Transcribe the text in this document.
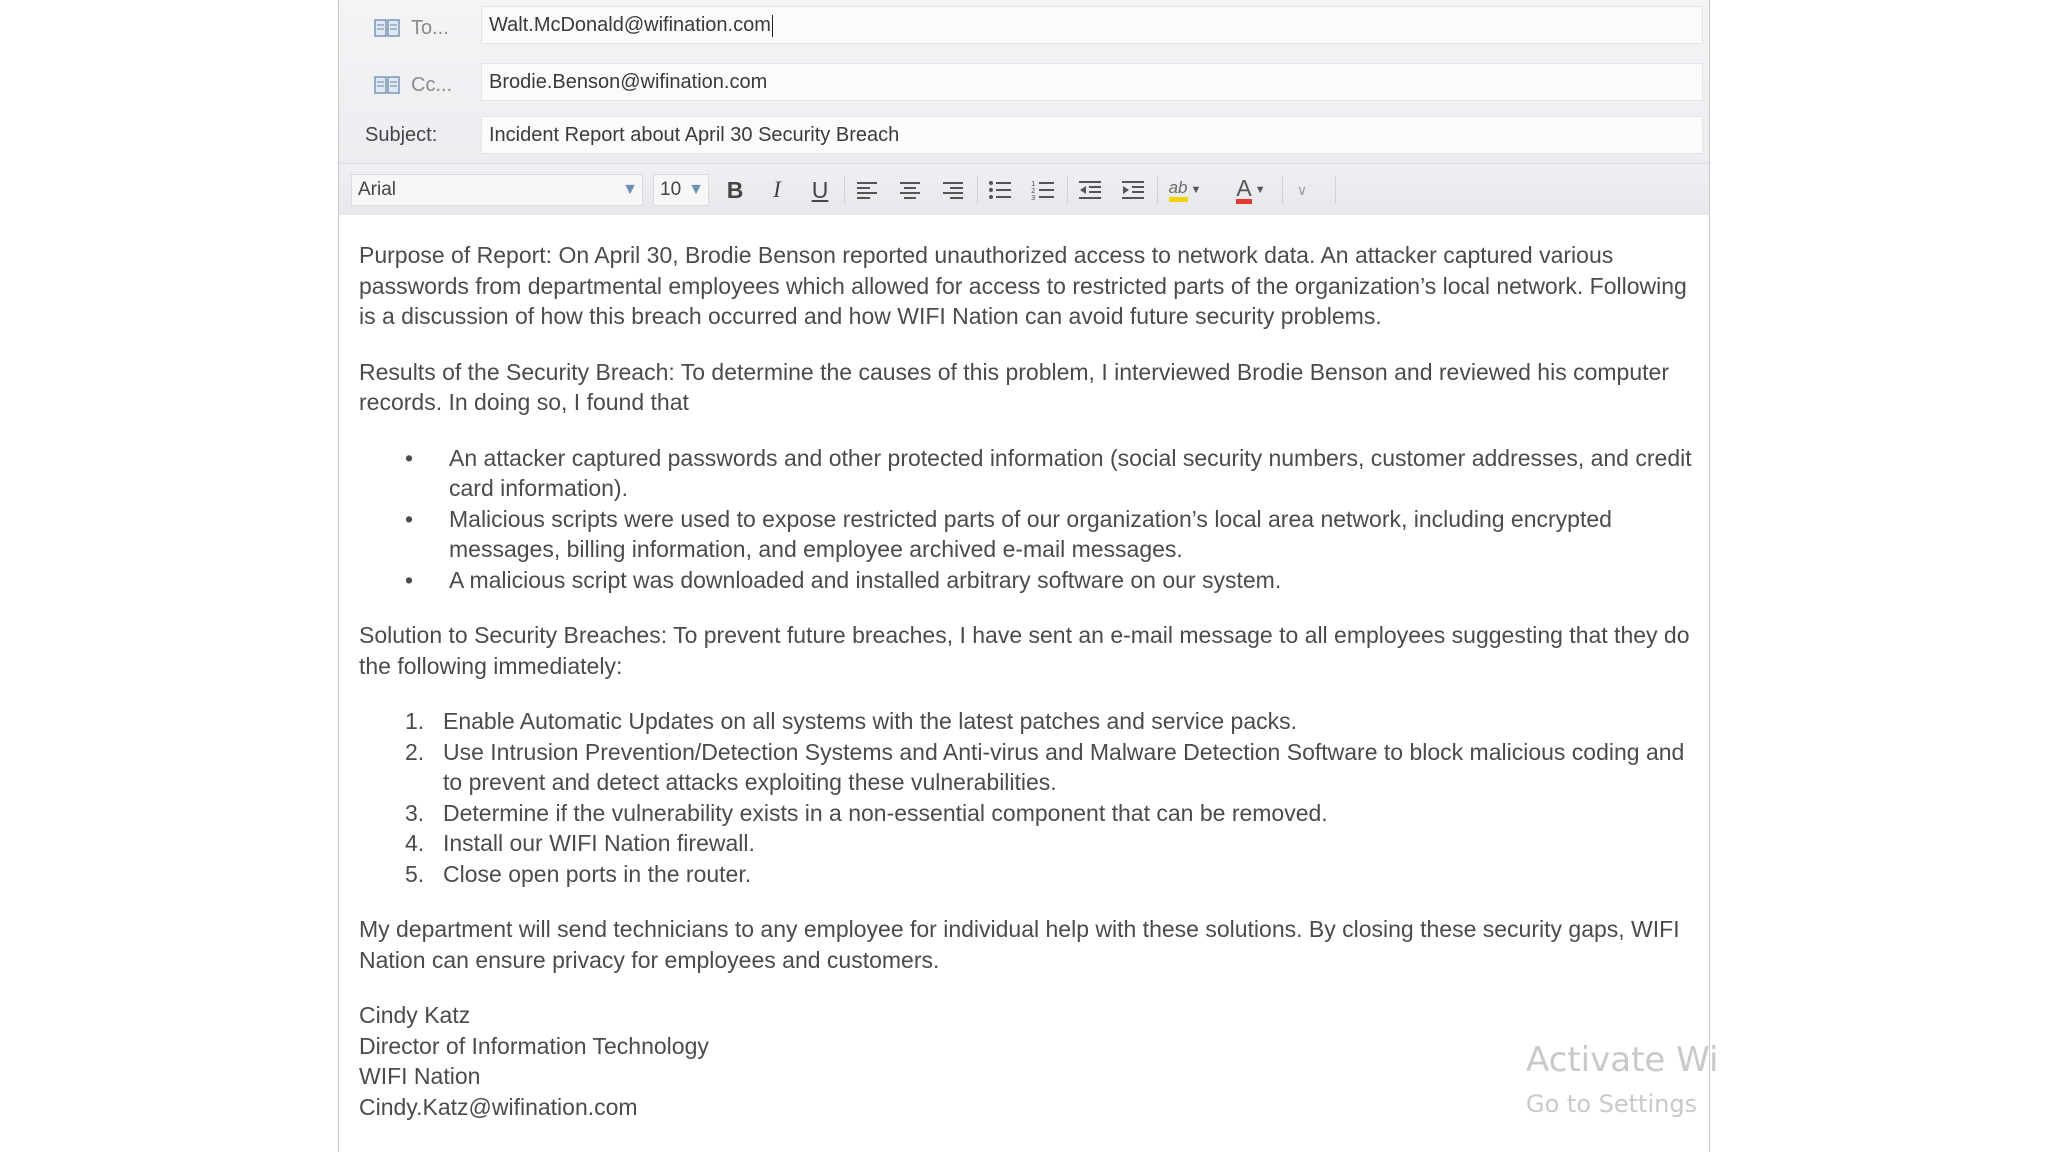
To...	Walt.McDonald@wifination.com
Cc...	Brodie.Benson@wifination.com
Subject:	Incident Report about April 30 Security Breach
Arial	▼	10 ▼ B I U	1
2
3
ab ▼ A ▼ ∨

Purpose of Report: On April 30, Brodie Benson reported unauthorized access to network data. An attacker captured various passwords from departmental employees which allowed for access to restricted parts of the organization’s local network. Following is a discussion of how this breach occurred and how WIFI Nation can avoid future security problems.

Results of the Security Breach: To determine the causes of this problem, I interviewed Brodie Benson and reviewed his computer records. In doing so, I found that

• An attacker captured passwords and other protected information (social security numbers, customer addresses, and credit card information).
• Malicious scripts were used to expose restricted parts of our organization’s local area network, including encrypted messages, billing information, and employee archived e-mail messages.
• A malicious script was downloaded and installed arbitrary software on our system.

Solution to Security Breaches: To prevent future breaches, I have sent an e-mail message to all employees suggesting that they do the following immediately:

1. Enable Automatic Updates on all systems with the latest patches and service packs.
2. Use Intrusion Prevention/Detection Systems and Anti-virus and Malware Detection Software to block malicious coding and to prevent and detect attacks exploiting these vulnerabilities.
3. Determine if the vulnerability exists in a non-essential component that can be removed.
4. Install our WIFI Nation firewall.
5. Close open ports in the router.

My department will send technicians to any employee for individual help with these solutions. By closing these security gaps, WIFI Nation can ensure privacy for employees and customers.

Cindy Katz
Director of Information Technology
WIFI Nation
Cindy.Katz@wifination.com
Activate Wi
Go to Settings
